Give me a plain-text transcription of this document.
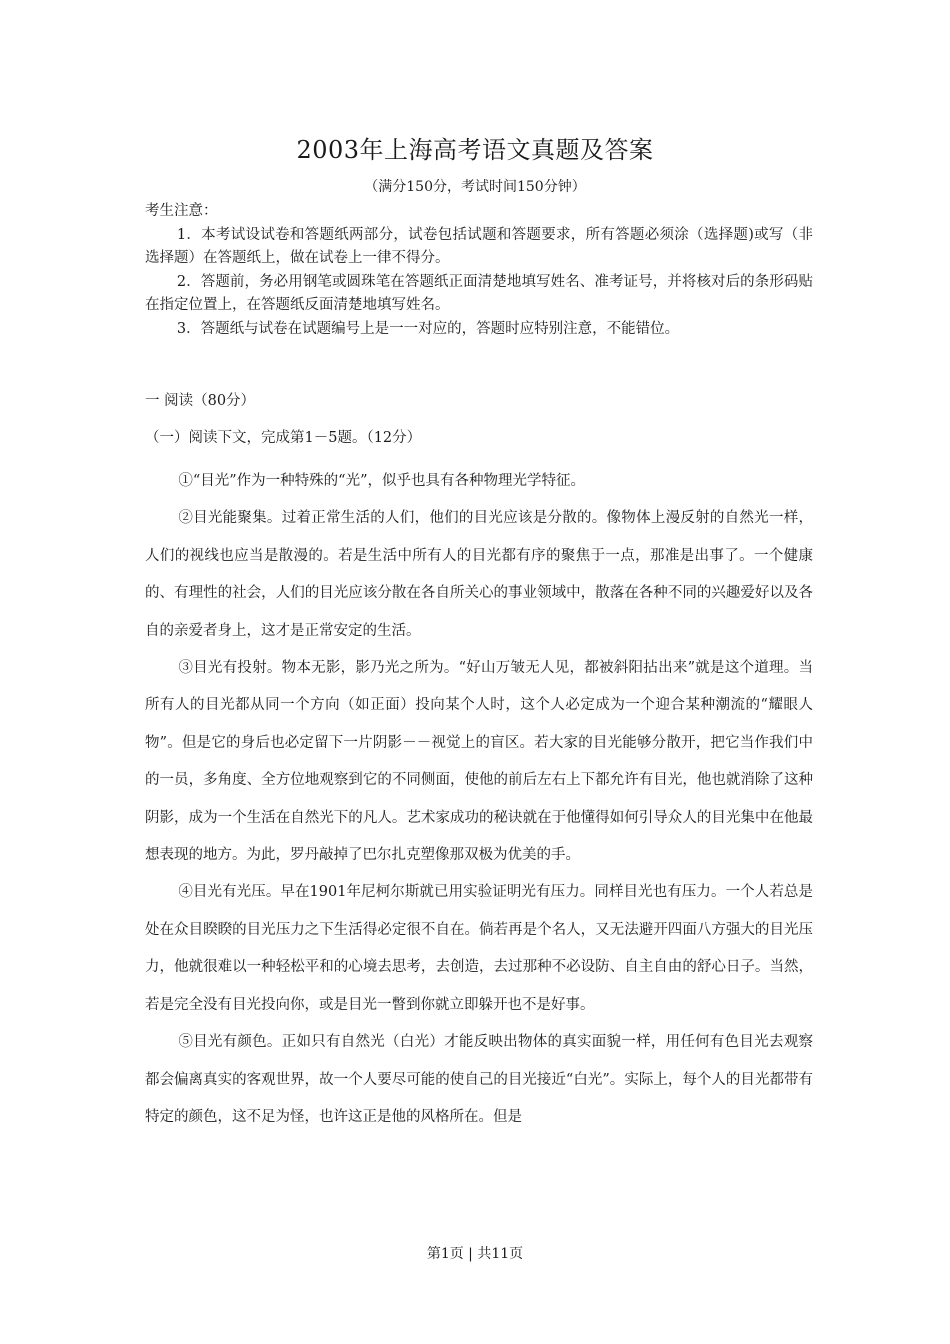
2003年上海高考语文真题及答案
（满分150分，考试时间150分钟）
考生注意：

1．本考试设试卷和答题纸两部分，试卷包括试题和答题要求，所有答题必须涂（选择题)或写（非选择题）在答题纸上，做在试卷上一律不得分。

2．答题前，务必用钢笔或圆珠笔在答题纸正面清楚地填写姓名、准考证号，并将核对后的条形码贴在指定位置上，在答题纸反面清楚地填写姓名。

3．答题纸与试卷在试题编号上是一一对应的，答题时应特别注意，不能错位。

一 阅读（80分）
（一）阅读下文，完成第1－5题。（12分）

①“目光”作为一种特殊的“光”，似乎也具有各种物理光学特征。

②目光能聚集。过着正常生活的人们，他们的目光应该是分散的。像物体上漫反射的自然光一样，人们的视线也应当是散漫的。若是生活中所有人的目光都有序的聚焦于一点，那准是出事了。一个健康的、有理性的社会，人们的目光应该分散在各自所关心的事业领域中，散落在各种不同的兴趣爱好以及各自的亲爱者身上，这才是正常安定的生活。

③目光有投射。物本无影，影乃光之所为。“好山万皱无人见，都被斜阳拈出来”就是这个道理。当所有人的目光都从同一个方向（如正面）投向某个人时，这个人必定成为一个迎合某种潮流的“耀眼人物”。但是它的身后也必定留下一片阴影－－视觉上的盲区。若大家的目光能够分散开，把它当作我们中的一员，多角度、全方位地观察到它的不同侧面，使他的前后左右上下都允许有目光，他也就消除了这种阴影，成为一个生活在自然光下的凡人。艺术家成功的秘诀就在于他懂得如何引导众人的目光集中在他最想表现的地方。为此，罗丹敲掉了巴尔扎克塑像那双极为优美的手。

④目光有光压。早在1901年尼柯尔斯就已用实验证明光有压力。同样目光也有压力。一个人若总是处在众目睽睽的目光压力之下生活得必定很不自在。倘若再是个名人，又无法避开四面八方强大的目光压力，他就很难以一种轻松平和的心境去思考，去创造，去过那种不必设防、自主自由的舒心日子。当然，若是完全没有目光投向你，或是目光一瞥到你就立即躲开也不是好事。

⑤目光有颜色。正如只有自然光（白光）才能反映出物体的真实面貌一样，用任何有色目光去观察都会偏离真实的客观世界，故一个人要尽可能的使自己的目光接近“白光”。实际上，每个人的目光都带有特定的颜色，这不足为怪，也许这正是他的风格所在。但是

第1页 | 共11页
